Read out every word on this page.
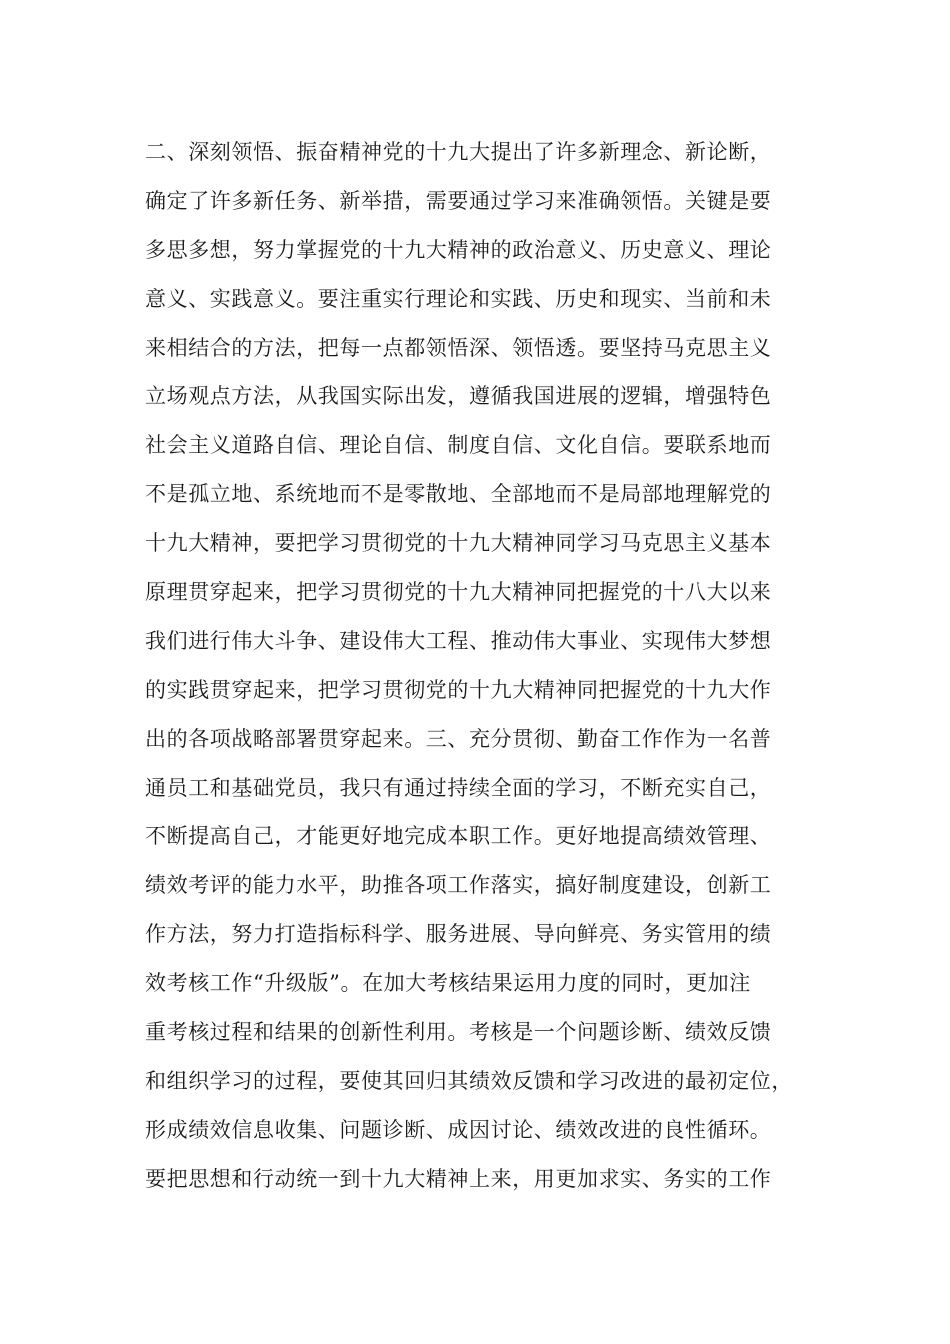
二、深刻领悟、振奋精神党的十九大提出了许多新理念、新论断，
确定了许多新任务、新举措，需要通过学习来准确领悟。关键是要
多思多想，努力掌握党的十九大精神的政治意义、历史意义、理论
意义、实践意义。要注重实行理论和实践、历史和现实、当前和未
来相结合的方法，把每一点都领悟深、领悟透。要坚持马克思主义
立场观点方法，从我国实际出发，遵循我国进展的逻辑，增强特色
社会主义道路自信、理论自信、制度自信、文化自信。要联系地而
不是孤立地、系统地而不是零散地、全部地而不是局部地理解党的
十九大精神，要把学习贯彻党的十九大精神同学习马克思主义基本
原理贯穿起来，把学习贯彻党的十九大精神同把握党的十八大以来
我们进行伟大斗争、建设伟大工程、推动伟大事业、实现伟大梦想
的实践贯穿起来，把学习贯彻党的十九大精神同把握党的十九大作
出的各项战略部署贯穿起来。三、充分贯彻、勤奋工作作为一名普
通员工和基础党员，我只有通过持续全面的学习，不断充实自己，
不断提高自己，才能更好地完成本职工作。更好地提高绩效管理、
绩效考评的能力水平，助推各项工作落实，搞好制度建设，创新工
作方法，努力打造指标科学、服务进展、导向鲜亮、务实管用的绩
效考核工作“升级版”。在加大考核结果运用力度的同时，更加注
重考核过程和结果的创新性利用。考核是一个问题诊断、绩效反馈
和组织学习的过程，要使其回归其绩效反馈和学习改进的最初定位，
形成绩效信息收集、问题诊断、成因讨论、绩效改进的良性循环。
要把思想和行动统一到十九大精神上来，用更加求实、务实的工作
